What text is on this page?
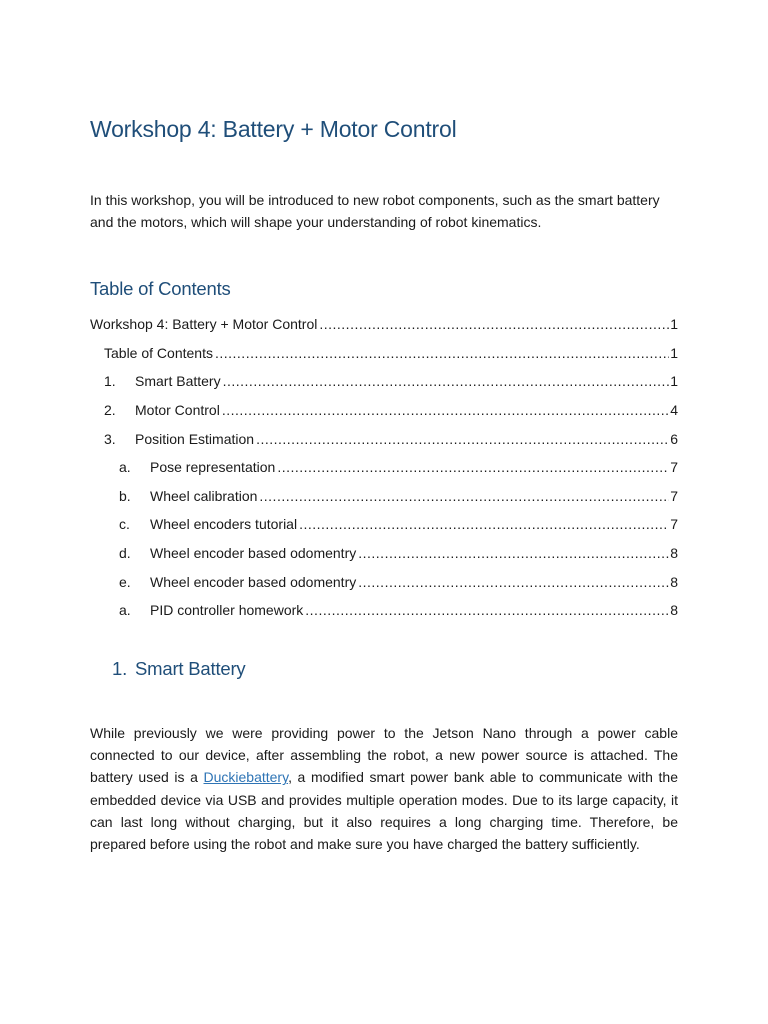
Workshop 4: Battery + Motor Control

In this workshop, you will be introduced to new robot components, such as the smart battery and the motors, which will shape your understanding of robot kinematics.

Table of Contents
Workshop 4: Battery + Motor Control .....	1
Table of Contents .....	1
1.	Smart Battery .....	1
2.	Motor Control .....	4
3.	Position Estimation .....	6
a.	Pose representation .....	7
b.	Wheel calibration .....	7
c.	Wheel encoders tutorial .....	7
d.	Wheel encoder based odomentry .....	8
e.	Wheel encoder based odomentry .....	8
a.	PID controller homework .....	8
1. Smart Battery

While previously we were providing power to the Jetson Nano through a power cable connected to our device, after assembling the robot, a new power source is attached. The battery used is a Duckiebattery, a modified smart power bank able to communicate with the embedded device via USB and provides multiple operation modes. Due to its large capacity, it can last long without charging, but it also requires a long charging time. Therefore, be prepared before using the robot and make sure you have charged the battery sufficiently.
